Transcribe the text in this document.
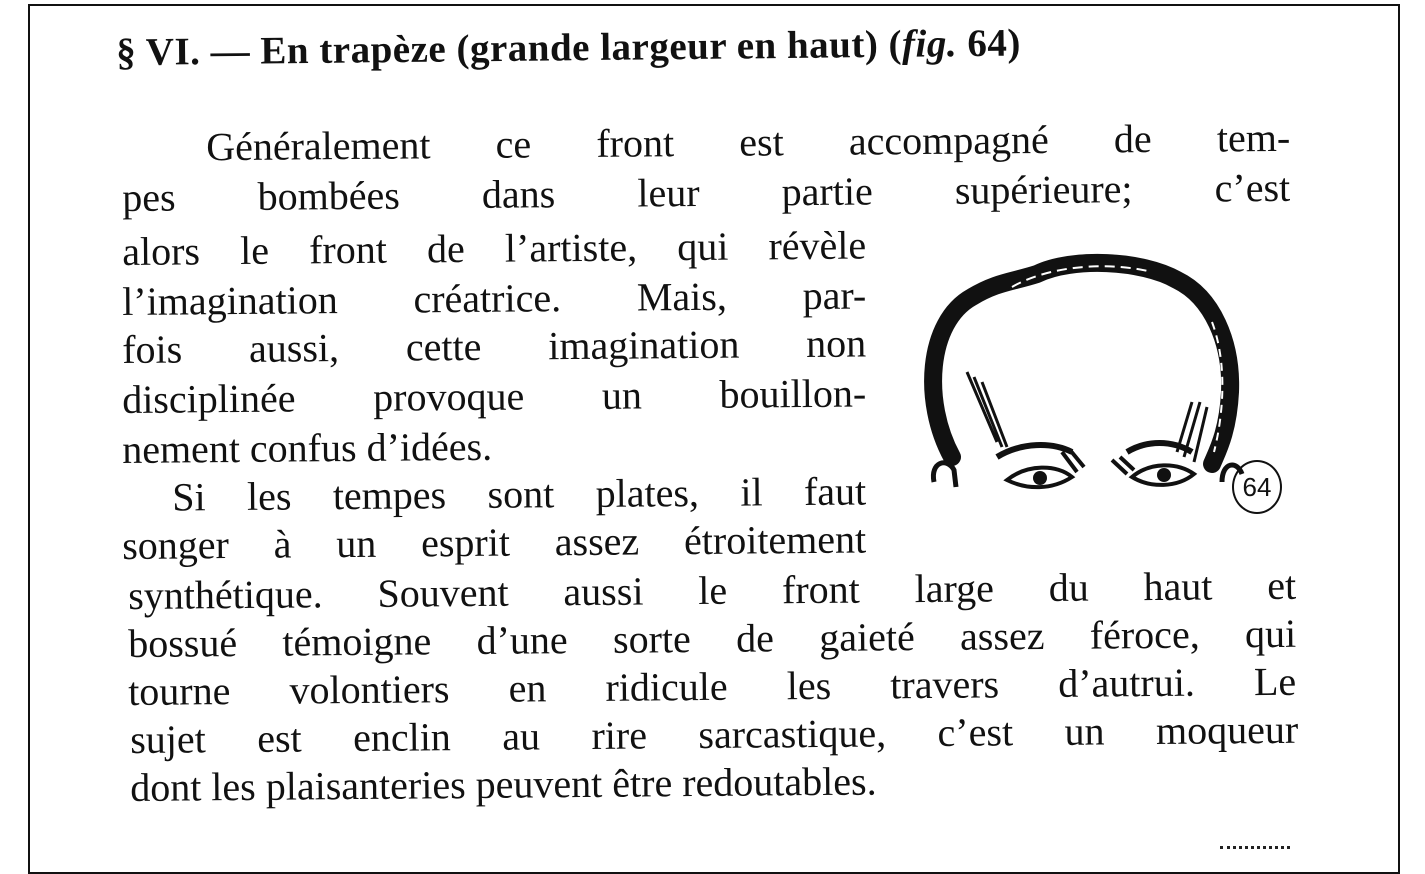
§ VI. — En trapèze (grande largeur en haut) (fig. 64)
Généralement ce front est accompagné de tem-
pes bombées dans leur partie supérieure; c’est
alors le front de l’artiste, qui révèle
l’imagination créatrice. Mais, par-
fois aussi, cette imagination non
disciplinée provoque un bouillon-
nement confus d’idées.
Si les tempes sont plates, il faut
songer à un esprit assez étroitement
synthétique. Souvent aussi le front large du haut et
bossué témoigne d’une sorte de gaieté assez féroce, qui
tourne volontiers en ridicule les travers d’autrui. Le
sujet est enclin au rire sarcastique, c’est un moqueur
dont les plaisanteries peuvent être redoutables.
64
